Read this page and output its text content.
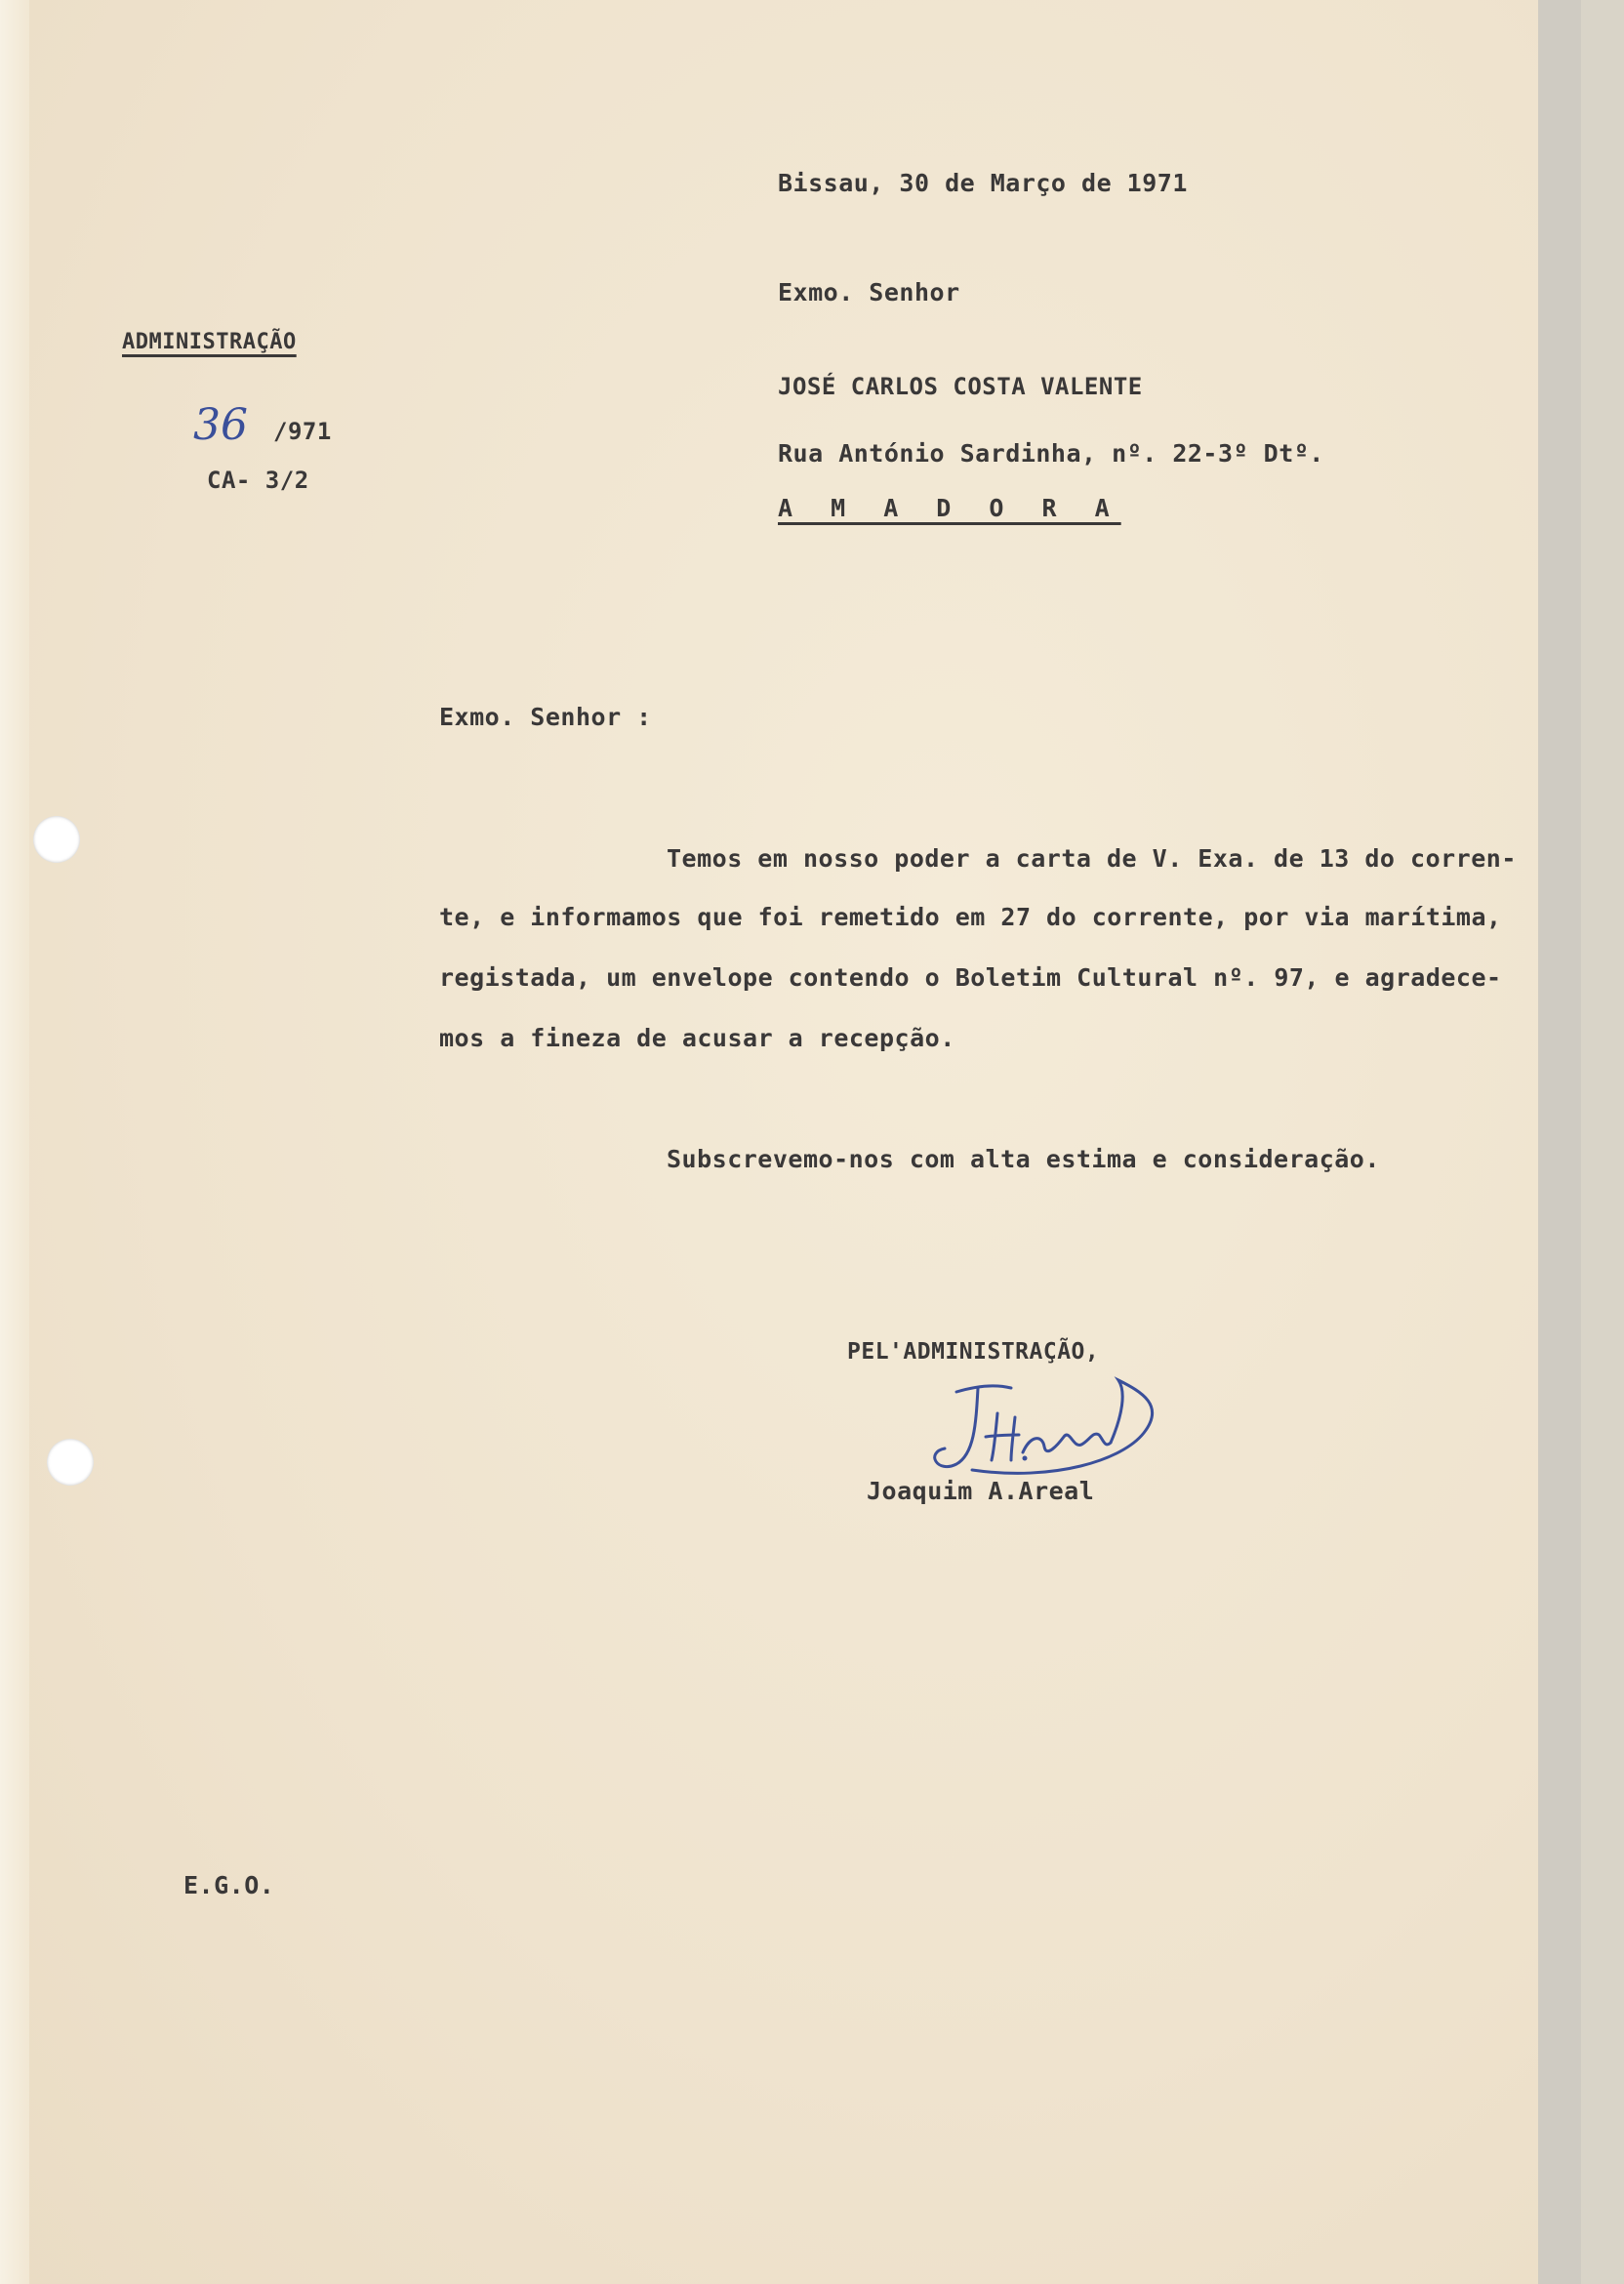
ADMINISTRAÇÃO
36 /971
CA- 3/2
Bissau, 30 de Março de 1971
Exmo. Senhor
JOSÉ CARLOS COSTA VALENTE
Rua António Sardinha, nº. 22-3º Dtº.
A M A D O R A
Exmo. Senhor :
Temos em nosso poder a carta de V. Exa. de 13 do corren-
te, e informamos que foi remetido em 27 do corrente, por via marítima,
registada, um envelope contendo o Boletim Cultural nº. 97, e agradece-
mos a fineza de acusar a recepção.
Subscrevemo-nos com alta estima e consideração.
PEL'ADMINISTRAÇÃO,
Joaquim A.Areal
E.G.O.
